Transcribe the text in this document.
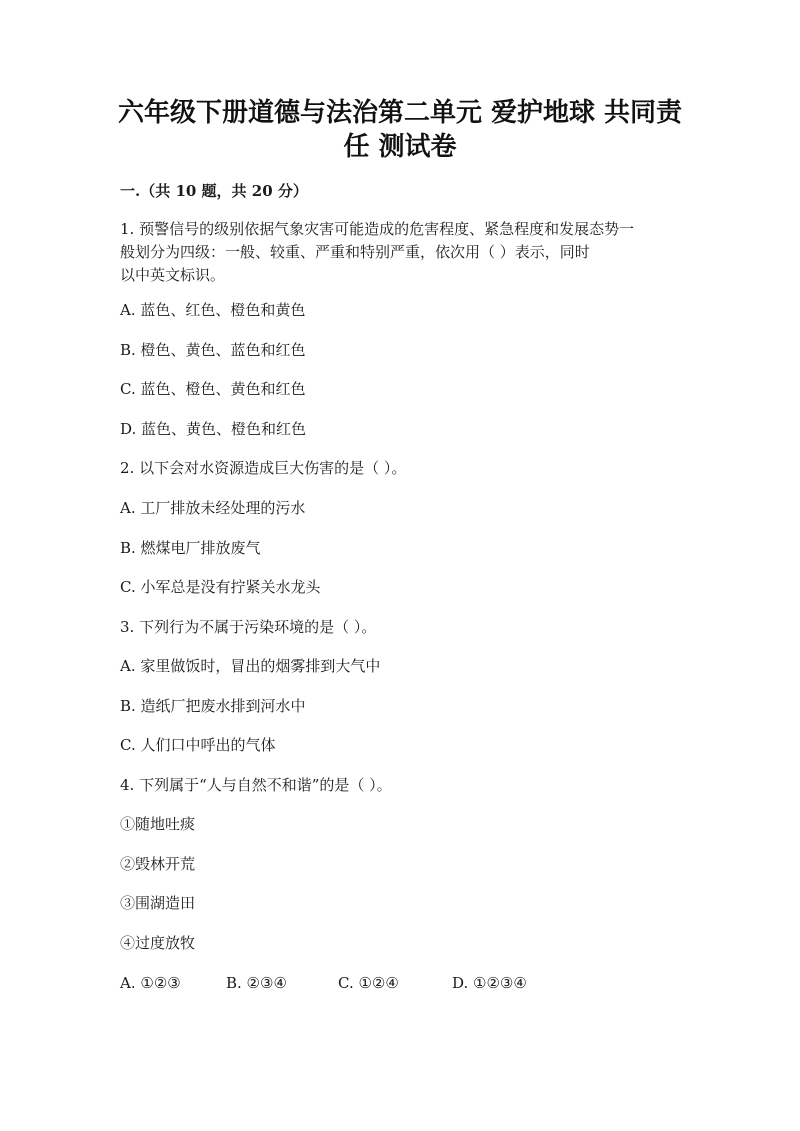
六年级下册道德与法治第二单元 爱护地球 共同责
任 测试卷
一.（共 10 题，共 20 分）
1. 预警信号的级别依据气象灾害可能造成的危害程度、紧急程度和发展态势一
般划分为四级：一般、较重、严重和特别严重，依次用（ ）表示，同时
以中英文标识。
A. 蓝色、红色、橙色和黄色
B. 橙色、黄色、蓝色和红色
C. 蓝色、橙色、黄色和红色
D. 蓝色、黄色、橙色和红色
2. 以下会对水资源造成巨大伤害的是（ ）。
A. 工厂排放未经处理的污水
B. 燃煤电厂排放废气
C. 小军总是没有拧紧关水龙头
3. 下列行为不属于污染环境的是（ ）。
A. 家里做饭时，冒出的烟雾排到大气中
B. 造纸厂把废水排到河水中
C. 人们口中呼出的气体
4. 下列属于“人与自然不和谐”的是（ ）。
①随地吐痰
②毁林开荒
③围湖造田
④过度放牧
A. ①②③	B. ②③④	C. ①②④	D. ①②③④
